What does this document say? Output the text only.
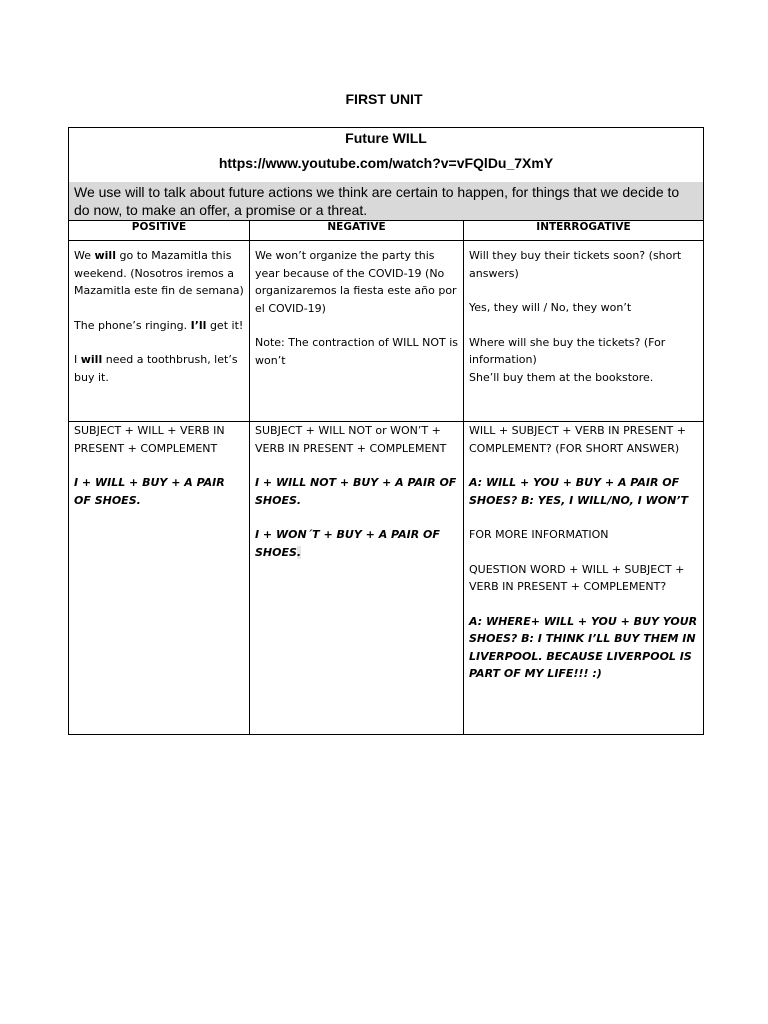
FIRST UNIT
Future WILL
https://www.youtube.com/watch?v=vFQlDu_7XmY
We use will to talk about future actions we think are certain to happen, for things that we decide to do now, to make an offer, a promise or a threat.
POSITIVE	NEGATIVE	INTERROGATIVE

We will go to Mazamitla this weekend. (Nosotros iremos a Mazamitla este fin de semana)

The phone’s ringing. I’ll get it!

I will need a toothbrush, let’s buy it.

We won’t organize the party this year because of the COVID-19 (No organizaremos la fiesta este año por el COVID-19)

Note: The contraction of WILL NOT is won’t

Will they buy their tickets soon? (short answers)

Yes, they will / No, they won’t

Where will she buy the tickets? (For information)

She’ll buy them at the bookstore.

SUBJECT + WILL + VERB IN PRESENT + COMPLEMENT

I + WILL + BUY + A PAIR OF SHOES.

SUBJECT + WILL NOT or WON’T + VERB IN PRESENT + COMPLEMENT

I + WILL NOT + BUY + A PAIR OF SHOES.

I + WON´T + BUY + A PAIR OF SHOES.

WILL + SUBJECT + VERB IN PRESENT + COMPLEMENT? (FOR SHORT ANSWER)

A: WILL + YOU + BUY + A PAIR OF SHOES? B: YES, I WILL/NO, I WON’T

FOR MORE INFORMATION

QUESTION WORD + WILL + SUBJECT + VERB IN PRESENT + COMPLEMENT?

A: WHERE+ WILL + YOU + BUY YOUR SHOES? B: I THINK I’LL BUY THEM IN LIVERPOOL. BECAUSE LIVERPOOL IS PART OF MY LIFE!!! :)
